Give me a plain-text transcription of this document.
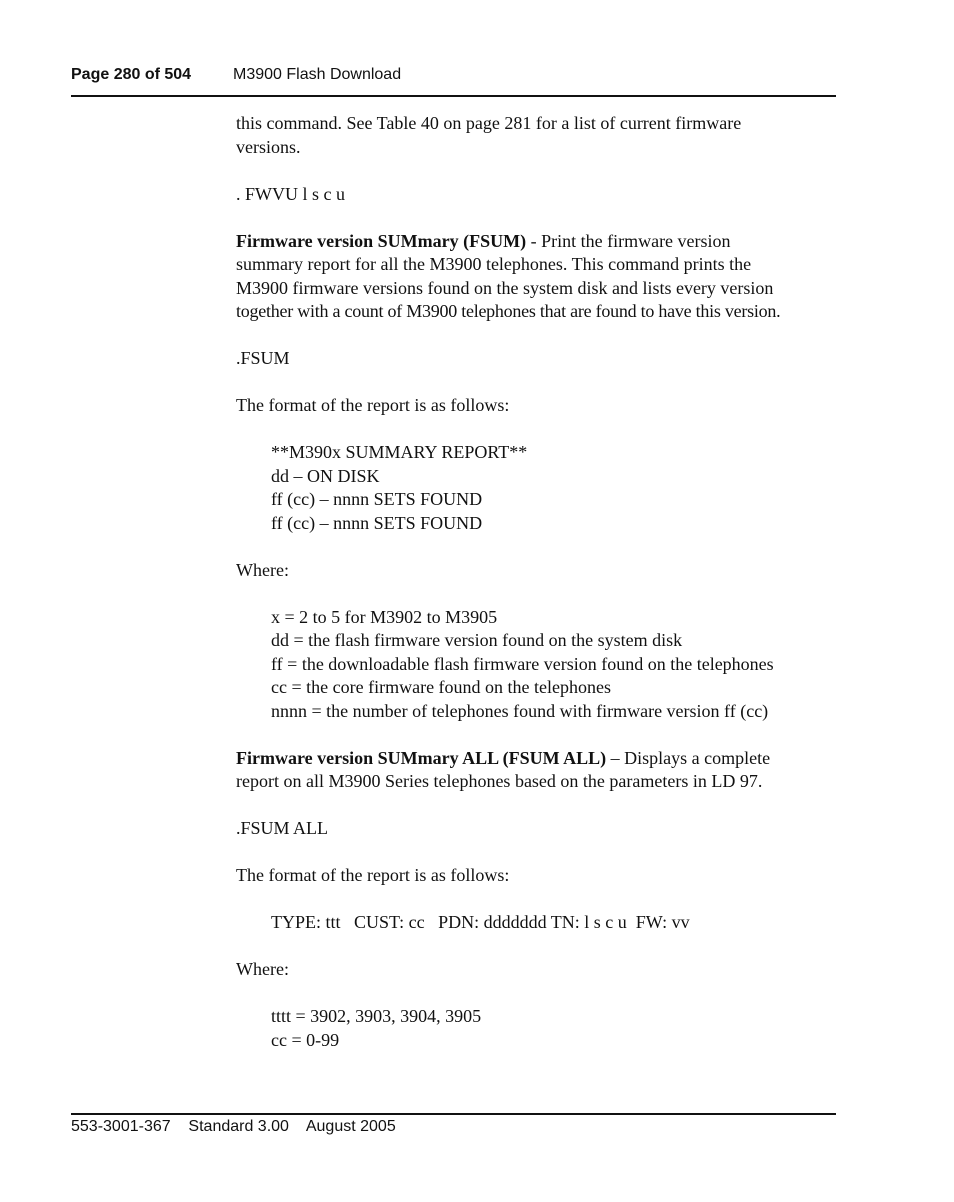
Page 280 of 504	M3900 Flash Download

this command. See Table 40 on page 281 for a list of current firmware
versions.

. FWVU l s c u

Firmware version SUMmary (FSUM) - Print the firmware version
summary report for all the M3900 telephones. This command prints the
M3900 firmware versions found on the system disk and lists every version
together with a count of M3900 telephones that are found to have this version.

.FSUM

The format of the report is as follows:

**M390x SUMMARY REPORT**
dd – ON DISK
ff (cc) – nnnn SETS FOUND
ff (cc) – nnnn SETS FOUND

Where:

x = 2 to 5 for M3902 to M3905
dd = the flash firmware version found on the system disk
ff = the downloadable flash firmware version found on the telephones
cc = the core firmware found on the telephones
nnnn = the number of telephones found with firmware version ff (cc)

Firmware version SUMmary ALL (FSUM ALL) – Displays a complete
report on all M3900 Series telephones based on the parameters in LD 97.

.FSUM ALL

The format of the report is as follows:

TYPE: ttt   CUST: cc   PDN: ddddddd TN: l s c u  FW: vv

Where:

tttt = 3902, 3903, 3904, 3905
cc = 0-99

553-3001-367 Standard 3.00 August 2005
